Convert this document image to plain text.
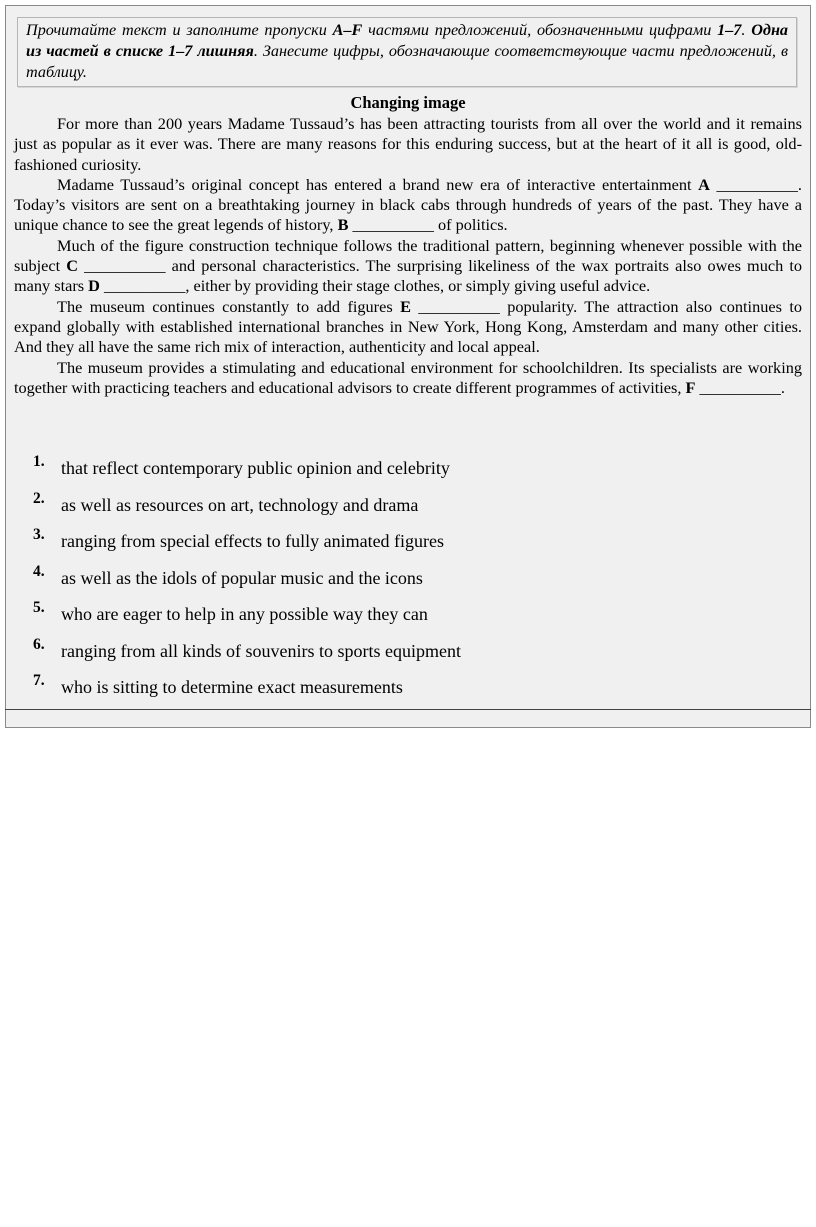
Прочитайте текст и заполните пропуски A–F частями предложений, обозначенными цифрами 1–7. Одна из частей в списке 1–7 лишняя. Занесите цифры, обозначающие соответствующие части предложений, в таблицу.
Changing image

For more than 200 years Madame Tussaud’s has been attracting tourists from all over the world and it remains just as popular as it ever was. There are many reasons for this enduring success, but at the heart of it all is good, old-fashioned curiosity.

Madame Tussaud’s original concept has entered a brand new era of interactive entertainment A __________. Today’s visitors are sent on a breathtaking journey in black cabs through hundreds of years of the past. They have a unique chance to see the great legends of history, B __________ of politics.

Much of the figure construction technique follows the traditional pattern, beginning whenever possible with the subject C __________ and personal characteristics. The surprising likeliness of the wax portraits also owes much to many stars D __________, either by providing their stage clothes, or simply giving useful advice.

The museum continues constantly to add figures E __________ popularity. The attraction also continues to expand globally with established international branches in New York, Hong Kong, Amsterdam and many other cities. And they all have the same rich mix of interaction, authenticity and local appeal.

The museum provides a stimulating and educational environment for schoolchildren. Its specialists are working together with practicing teachers and educational advisors to create different programmes of activities, F __________.

1. that reflect contemporary public opinion and celebrity
2. as well as resources on art, technology and drama
3. ranging from special effects to fully animated figures
4. as well as the idols of popular music and the icons
5. who are eager to help in any possible way they can
6. ranging from all kinds of souvenirs to sports equipment
7. who is sitting to determine exact measurements
